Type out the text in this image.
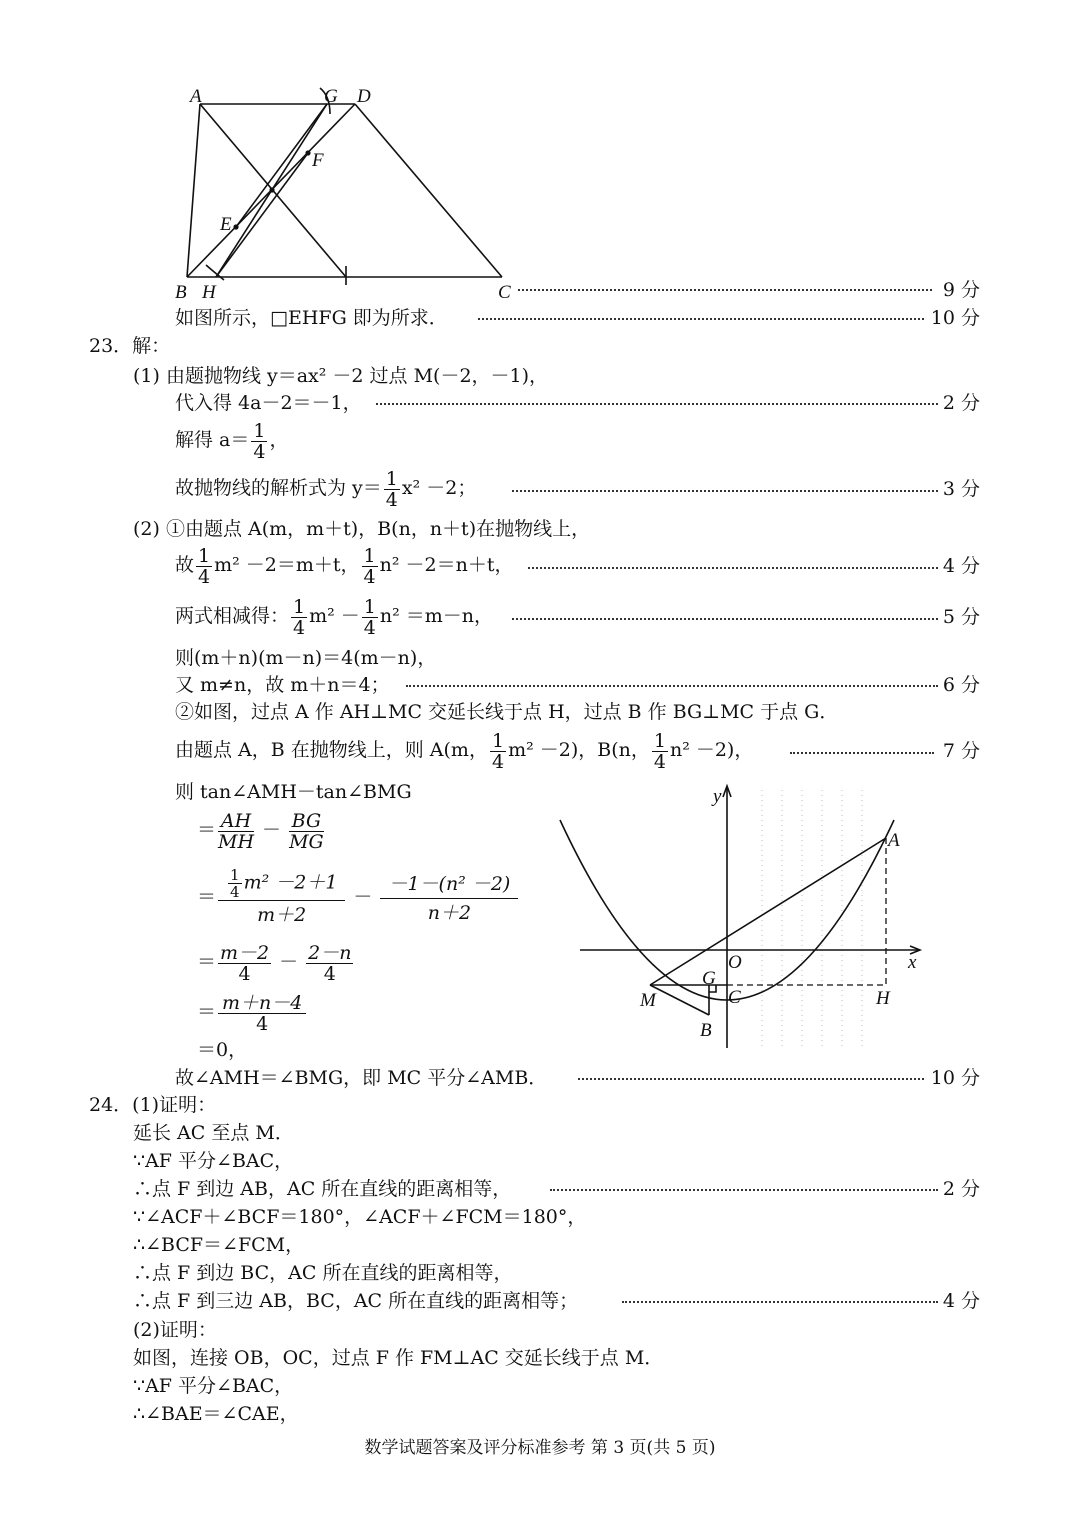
A	G D
F
E
B H	C	9 分
如图所示，□EHFG 即为所求．	10 分
23．解：
(1) 由题抛物线 y＝ax² －2 过点 M(－2，－1)，
代入得 4a－2＝－1，	2 分
解得 $a= \frac{1}{4}$ ，
故抛物线的解析式为 $y= \frac{1}{4} x^2 -2$；	3 分
(2) ①由题点 A(m，m＋t)，B(n，n＋t)在抛物线上，
故 $\frac{1}{4} m^2 -2=m+t$， $\frac{1}{4} n^2 -2=n+t$，	4 分
两式相减得： $\frac{1}{4} m^2 - \frac{1}{4} n^2 =m-n$，	5 分
则(m＋n)(m－n)＝4(m－n)，
又 m≠n，故 m＋n＝4；	6 分
②如图，过点 A 作 AH⊥MC 交延长线于点 H，过点 B 作 BG⊥MC 于点 G．
由题点 A，B 在抛物线上，则 A(m， $\frac{1}{4} m^2 -2$)，B(n， $\frac{1}{4} n^2 -2$)，	7 分
则 tan∠AMH－tan∠BMG
＝ $\frac{AH}{MH} - \frac{BG}{MG}$
＝ $\frac{\frac{1}{4} m^2 -2+1}{m+2} - \frac{\text{－1－(n² －2)}}{n+2}$
＝ $\frac{m-2}{4} - \frac{2-n}{4}$
＝ $\frac{m+n-4}{4}$
＝0，
故∠AMH＝∠BMG，即 MC 平分∠AMB．	10 分
y
x
O
A
G
C
M	H
B
24．(1)证明：
延长 AC 至点 M．
∵AF 平分∠BAC，
∴点 F 到边 AB，AC 所在直线的距离相等，	2 分
∵∠ACF＋∠BCF＝180°，∠ACF＋∠FCM＝180°，
∴∠BCF＝∠FCM，
∴点 F 到边 BC，AC 所在直线的距离相等，
∴点 F 到三边 AB，BC，AC 所在直线的距离相等；	4 分
(2)证明：
如图，连接 OB，OC，过点 F 作 FM⊥AC 交延长线于点 M．
∵AF 平分∠BAC，
∴∠BAE＝∠CAE，
数学试题答案及评分标准参考 第 3 页(共 5 页)
